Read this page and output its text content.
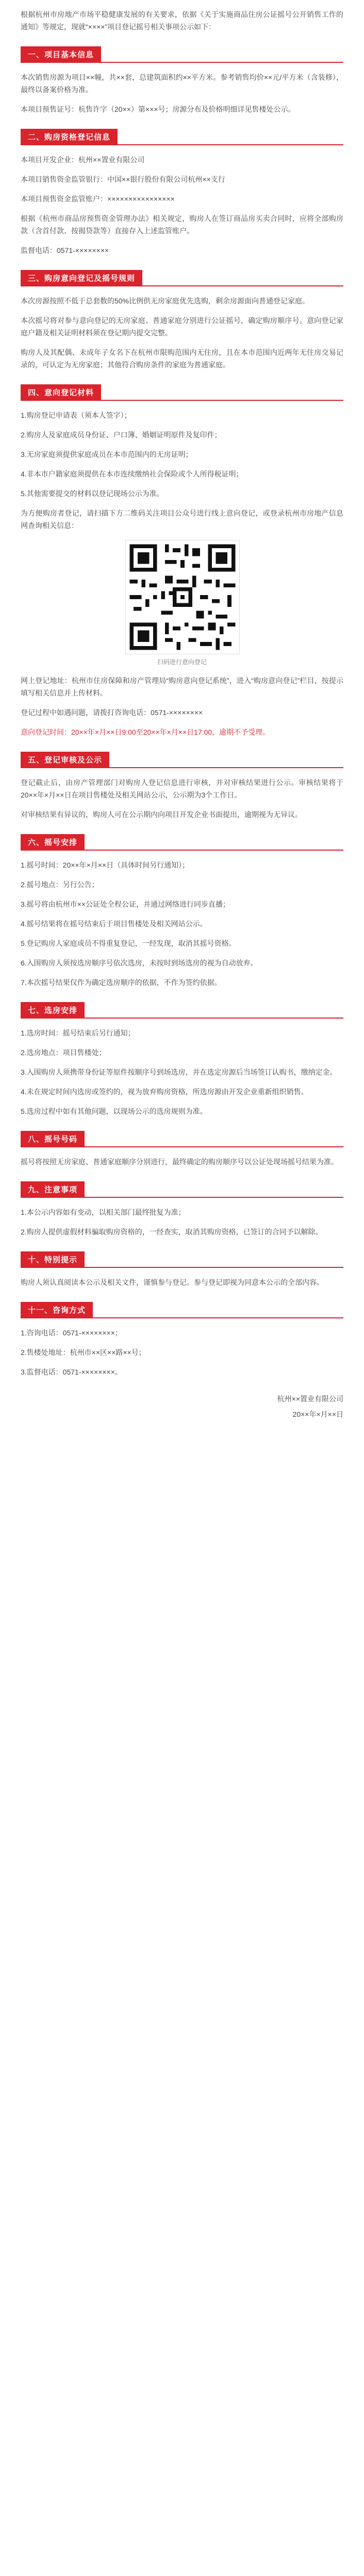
根据杭州市房地产市场平稳健康发展的有关要求，依据《关于实施商品住房公证摇号公开销售工作的通知》等规定，现就“××××”项目登记摇号相关事项公示如下：

一、项目基本信息

本次销售房源为项目××幢，共××套，总建筑面积约××平方米。参考销售均价××元/平方米（含装修），最终以备案价格为准。

本项目预售证号：杭售许字（20××）第×××号；房源分布及价格明细详见售楼处公示。

二、购房资格登记信息

本项目开发企业：杭州××置业有限公司

本项目销售资金监管银行：中国××银行股份有限公司杭州××支行

本项目预售资金监管账户：××××××××××××××××

根据《杭州市商品房预售资金管理办法》相关规定，购房人在签订商品房买卖合同时，应将全部购房款（含首付款、按揭贷款等）直接存入上述监管账户。

监督电话：0571-××××××××

三、购房意向登记及摇号规则

本次房源按照不低于总套数的50%比例供无房家庭优先选购，剩余房源面向普通登记家庭。

本次摇号将对参与意向登记的无房家庭、普通家庭分别进行公证摇号，确定购房顺序号。意向登记家庭户籍及相关证明材料须在登记期内提交完整。

购房人及其配偶、未成年子女名下在杭州市限购范围内无住房，且在本市范围内近两年无住房交易记录的，可认定为无房家庭；其他符合购房条件的家庭为普通家庭。

四、意向登记材料

1.购房登记申请表（须本人签字）；

2.购房人及家庭成员身份证、户口簿、婚姻证明原件及复印件；

3.无房家庭须提供家庭成员在本市范围内的无房证明；

4.非本市户籍家庭须提供在本市连续缴纳社会保险或个人所得税证明；

5.其他需要提交的材料以登记现场公示为准。

为方便购房者登记，请扫描下方二维码关注项目公众号进行线上意向登记，或登录杭州市房地产信息网查询相关信息：

扫码进行意向登记

网上登记地址：杭州市住房保障和房产管理局“购房意向登记系统”，进入“购房意向登记”栏目，按提示填写相关信息并上传材料。

登记过程中如遇问题，请拨打咨询电话：0571-××××××××

意向登记时间：20××年×月××日9:00至20××年×月××日17:00，逾期不予受理。

五、登记审核及公示

登记截止后，由房产管理部门对购房人登记信息进行审核，并对审核结果进行公示。审核结果将于20××年×月××日在项目售楼处及相关网站公示，公示期为3个工作日。

对审核结果有异议的，购房人可在公示期内向项目开发企业书面提出，逾期视为无异议。

六、摇号安排

1.摇号时间：20××年×月××日（具体时间另行通知）；

2.摇号地点：另行公告；

3.摇号将由杭州市××公证处全程公证，并通过网络进行同步直播；

4.摇号结果将在摇号结束后于项目售楼处及相关网站公示。

5.登记购房人家庭成员不得重复登记，一经发现，取消其摇号资格。

6.入围购房人须按选房顺序号依次选房，未按时到场选房的视为自动放弃。

7.本次摇号结果仅作为确定选房顺序的依据，不作为签约依据。

七、选房安排

1.选房时间：摇号结束后另行通知；

2.选房地点：项目售楼处；

3.入围购房人须携带身份证等原件按顺序号到场选房，并在选定房源后当场签订认购书，缴纳定金。

4.未在规定时间内选房或签约的，视为放弃购房资格，所选房源由开发企业重新组织销售。

5.选房过程中如有其他问题，以现场公示的选房规则为准。

八、摇号号码

摇号将按照无房家庭、普通家庭顺序分别进行，最终确定的购房顺序号以公证处现场摇号结果为准。

九、注意事项

1.本公示内容如有变动，以相关部门最终批复为准；

2.购房人提供虚假材料骗取购房资格的，一经查实，取消其购房资格，已签订的合同予以解除。

十、特别提示

购房人须认真阅读本公示及相关文件，谨慎参与登记。参与登记即视为同意本公示的全部内容。

十一、咨询方式

1.咨询电话：0571-××××××××；

2.售楼处地址：杭州市××区××路××号；

3.监督电话：0571-××××××××。

杭州××置业有限公司

20××年×月××日
